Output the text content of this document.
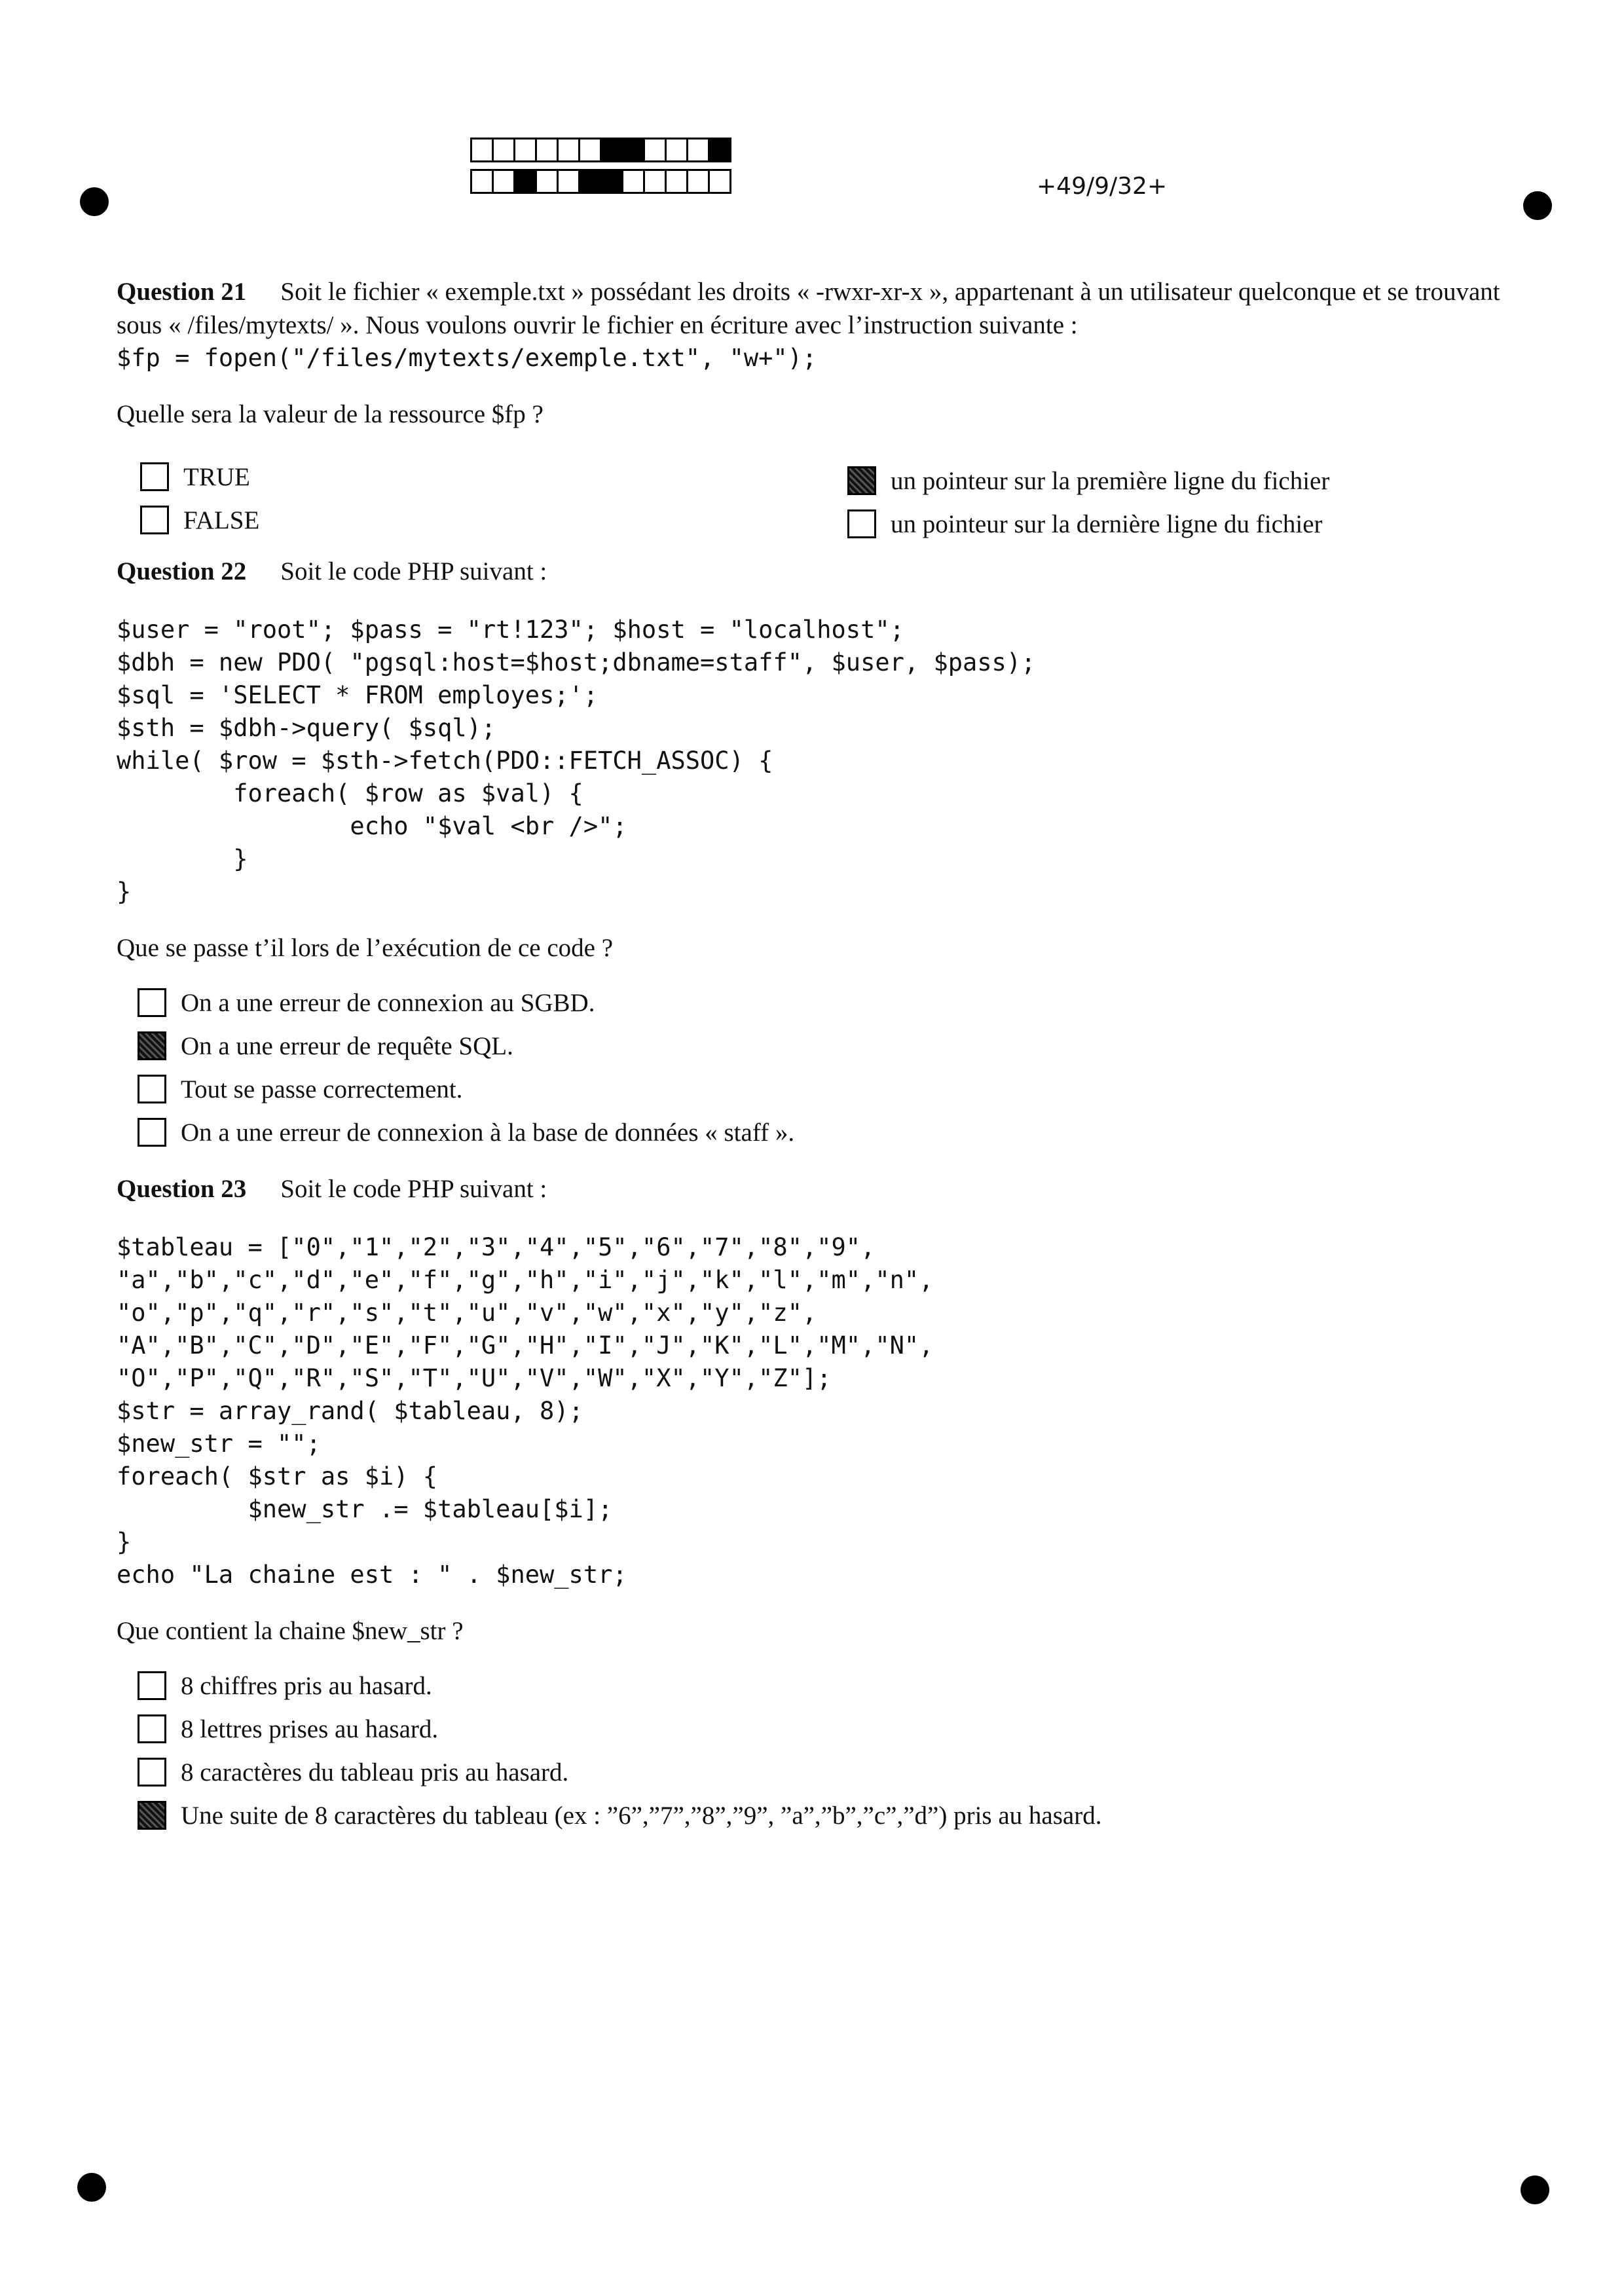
+49/9/32+

Question 21 Soit le fichier « exemple.txt » possédant les droits « -rwxr-xr-x », appartenant à un utilisateur quelconque et se trouvant sous « /files/mytexts/ ». Nous voulons ouvrir le fichier en écriture avec l’instruction suivante :

$fp = fopen("/files/mytexts/exemple.txt", "w+");

Quelle sera la valeur de la ressource $fp ?

TRUE
FALSE
un pointeur sur la première ligne du fichier
un pointeur sur la dernière ligne du fichier

Question 22 Soit le code PHP suivant :

$user = "root"; $pass = "rt!123"; $host = "localhost";
$dbh = new PDO( "pgsql:host=$host;dbname=staff", $user, $pass);
$sql = 'SELECT * FROM employes;';
$sth = $dbh->query( $sql);
while( $row = $sth->fetch(PDO::FETCH_ASSOC) {
foreach( $row as $val) {
echo "$val <br />";
}
}

Que se passe t’il lors de l’exécution de ce code ?

On a une erreur de connexion au SGBD.
On a une erreur de requête SQL.
Tout se passe correctement.
On a une erreur de connexion à la base de données « staff ».

Question 23 Soit le code PHP suivant :

$tableau = ["0","1","2","3","4","5","6","7","8","9",
"a","b","c","d","e","f","g","h","i","j","k","l","m","n",
"o","p","q","r","s","t","u","v","w","x","y","z",
"A","B","C","D","E","F","G","H","I","J","K","L","M","N",
"O","P","Q","R","S","T","U","V","W","X","Y","Z"];
$str = array_rand( $tableau, 8);
$new_str = "";
foreach( $str as $i) {
$new_str .= $tableau[$i];
}
echo "La chaine est : " . $new_str;

Que contient la chaine $new_str ?

8 chiffres pris au hasard.
8 lettres prises au hasard.
8 caractères du tableau pris au hasard.
Une suite de 8 caractères du tableau (ex : ”6”,”7”,”8”,”9”, ”a”,”b”,”c”,”d”) pris au hasard.
